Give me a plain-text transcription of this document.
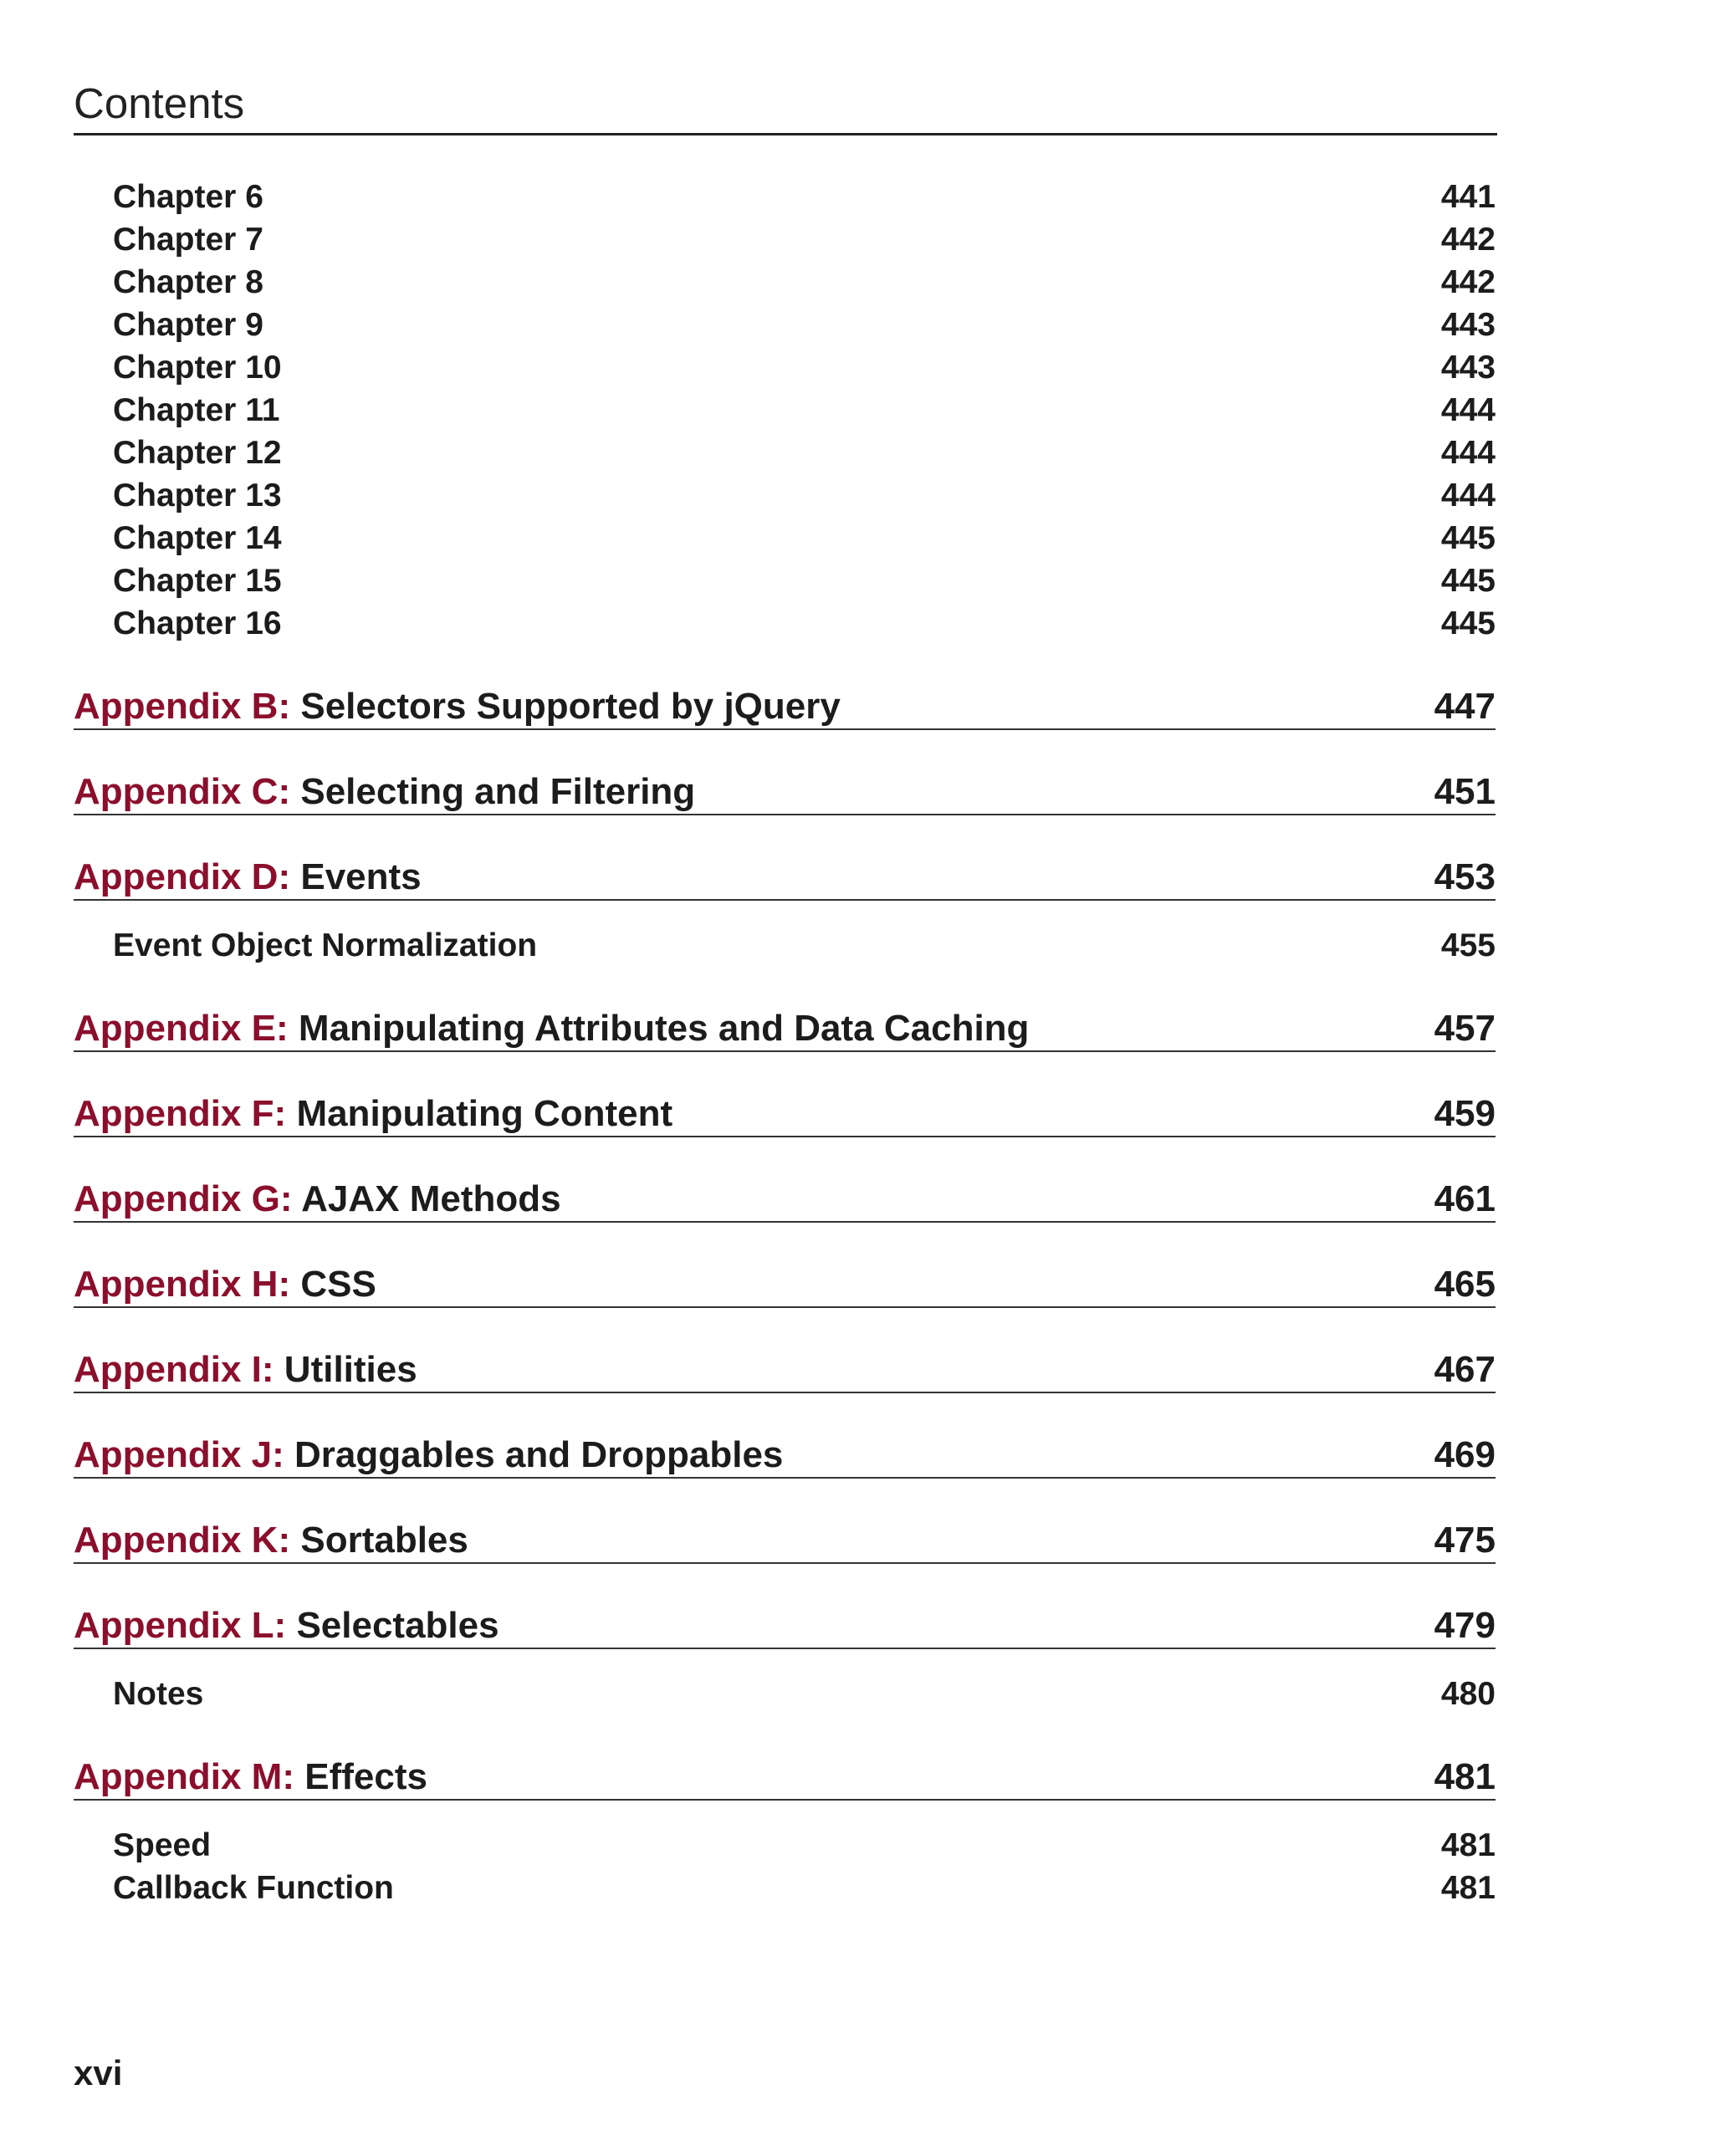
Contents
Chapter 6	441
Chapter 7	442
Chapter 8	442
Chapter 9	443
Chapter 10	443
Chapter 11	444
Chapter 12	444
Chapter 13	444
Chapter 14	445
Chapter 15	445
Chapter 16	445
Appendix B: Selectors Supported by jQuery	447
Appendix C: Selecting and Filtering	451
Appendix D: Events	453
Event Object Normalization	455
Appendix E: Manipulating Attributes and Data Caching	457
Appendix F: Manipulating Content	459
Appendix G: AJAX Methods	461
Appendix H: CSS	465
Appendix I: Utilities	467
Appendix J: Draggables and Droppables	469
Appendix K: Sortables	475
Appendix L: Selectables	479
Notes	480
Appendix M: Effects	481
Speed	481
Callback Function	481
xvi
